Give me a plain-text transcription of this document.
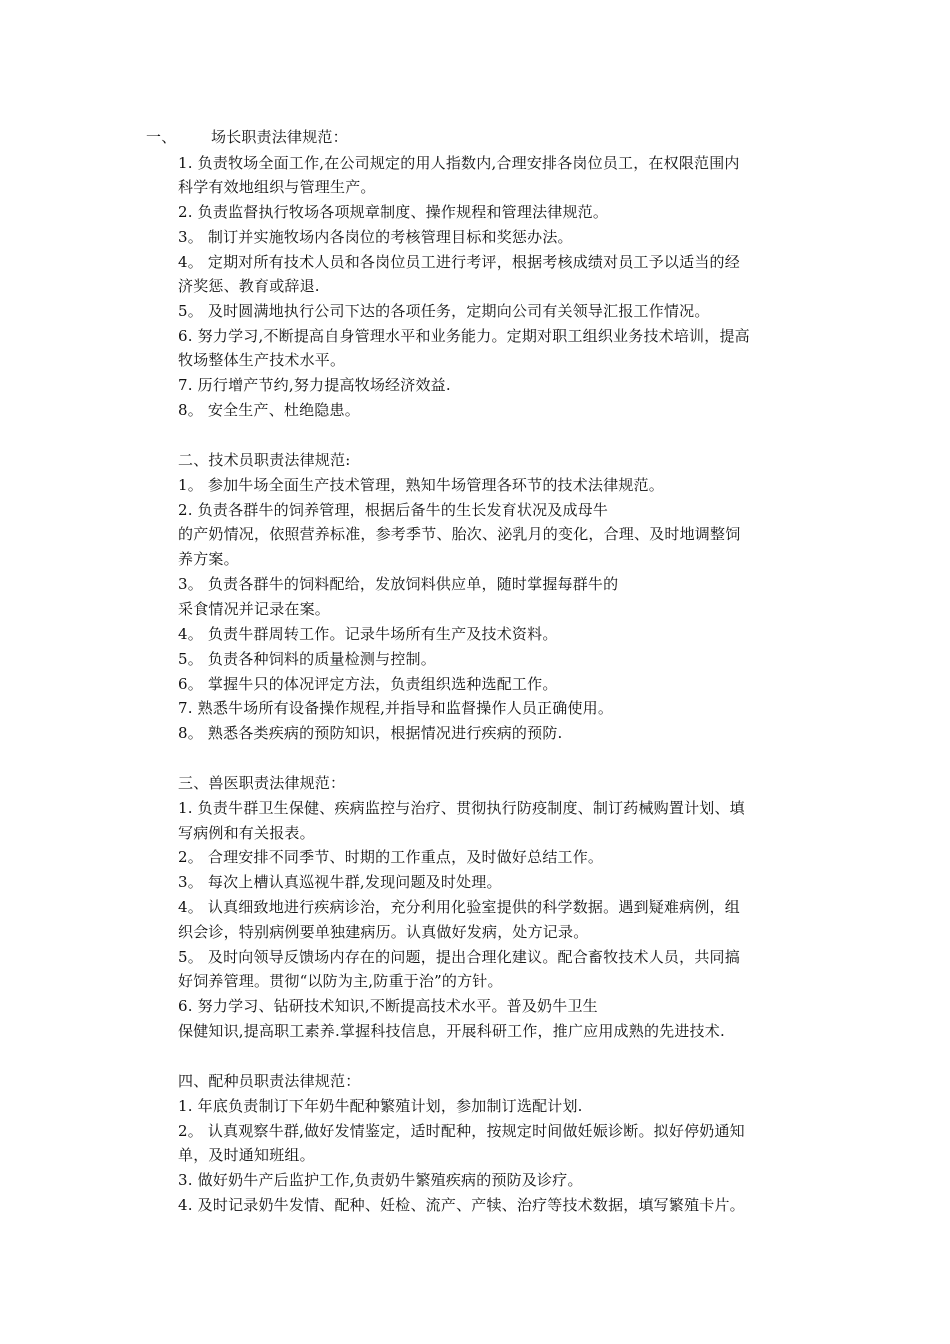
一、 场长职责法律规范：
1. 负责牧场全面工作,在公司规定的用人指数内,合理安排各岗位员工，在权限范围内
科学有效地组织与管理生产。
2. 负责监督执行牧场各项规章制度、操作规程和管理法律规范。
3。 制订并实施牧场内各岗位的考核管理目标和奖惩办法。
4。 定期对所有技术人员和各岗位员工进行考评，根据考核成绩对员工予以适当的经
济奖惩、教育或辞退.
5。 及时圆满地执行公司下达的各项任务，定期向公司有关领导汇报工作情况。
6. 努力学习,不断提高自身管理水平和业务能力。定期对职工组织业务技术培训，提高
牧场整体生产技术水平。
7. 历行增产节约,努力提高牧场经济效益.
8。 安全生产、杜绝隐患。
二、技术员职责法律规范:
1。 参加牛场全面生产技术管理，熟知牛场管理各环节的技术法律规范。
2. 负责各群牛的饲养管理，根据后备牛的生长发育状况及成母牛
的产奶情况，依照营养标准，参考季节、胎次、泌乳月的变化，合理、及时地调整饲
养方案。
3。 负责各群牛的饲料配给，发放饲料供应单，随时掌握每群牛的
采食情况并记录在案。
4。 负责牛群周转工作。记录牛场所有生产及技术资料。
5。 负责各种饲料的质量检测与控制。
6。 掌握牛只的体况评定方法，负责组织选种选配工作。
7. 熟悉牛场所有设备操作规程,并指导和监督操作人员正确使用。
8。 熟悉各类疾病的预防知识，根据情况进行疾病的预防.
三、兽医职责法律规范：
1. 负责牛群卫生保健、疾病监控与治疗、贯彻执行防疫制度、制订药械购置计划、填
写病例和有关报表。
2。 合理安排不同季节、时期的工作重点，及时做好总结工作。
3。 每次上槽认真巡视牛群,发现问题及时处理。
4。 认真细致地进行疾病诊治，充分利用化验室提供的科学数据。遇到疑难病例，组
织会诊，特别病例要单独建病历。认真做好发病，处方记录。
5。 及时向领导反馈场内存在的问题，提出合理化建议。配合畜牧技术人员，共同搞
好饲养管理。贯彻“以防为主,防重于治”的方针。
6. 努力学习、钻研技术知识,不断提高技术水平。普及奶牛卫生
保健知识,提高职工素养.掌握科技信息，开展科研工作，推广应用成熟的先进技术.
四、配种员职责法律规范：
1. 年底负责制订下年奶牛配种繁殖计划，参加制订选配计划.
2。 认真观察牛群,做好发情鉴定，适时配种，按规定时间做妊娠诊断。拟好停奶通知
单，及时通知班组。
3. 做好奶牛产后监护工作,负责奶牛繁殖疾病的预防及诊疗。
4. 及时记录奶牛发情、配种、妊检、流产、产犊、治疗等技术数据，填写繁殖卡片。
